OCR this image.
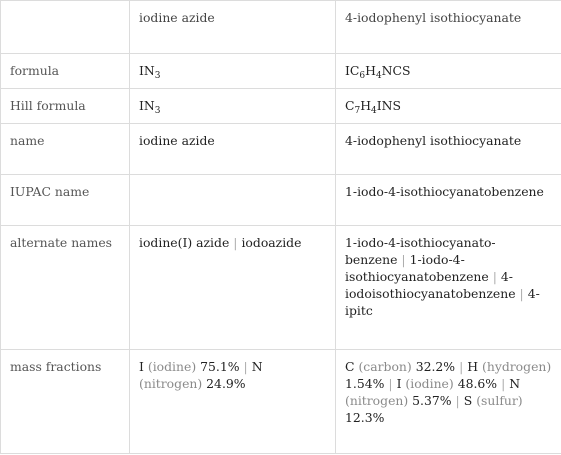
	iodine azide	4-iodophenyl isothiocyanate
formula	$IN_3$	$IC_6H_4NCS$
Hill formula	$IN_3$	$C_7H_4INS$
name	iodine azide	4-iodophenyl isothiocyanate
IUPAC name		1-iodo-4-isothiocyanatobenzene
alternate names	iodine(I) azide | iodoazide	1-iodo-4-isothiocyanato-benzene | 1-iodo-4-isothiocyanatobenzene | 4-iodoisothiocyanatobenzene | 4-ipitc
mass fractions	I (iodine) 75.1% | N (nitrogen) 24.9%	C (carbon) 32.2% | H (hydrogen) 1.54% | I (iodine) 48.6% | N (nitrogen) 5.37% | S (sulfur) 12.3%
